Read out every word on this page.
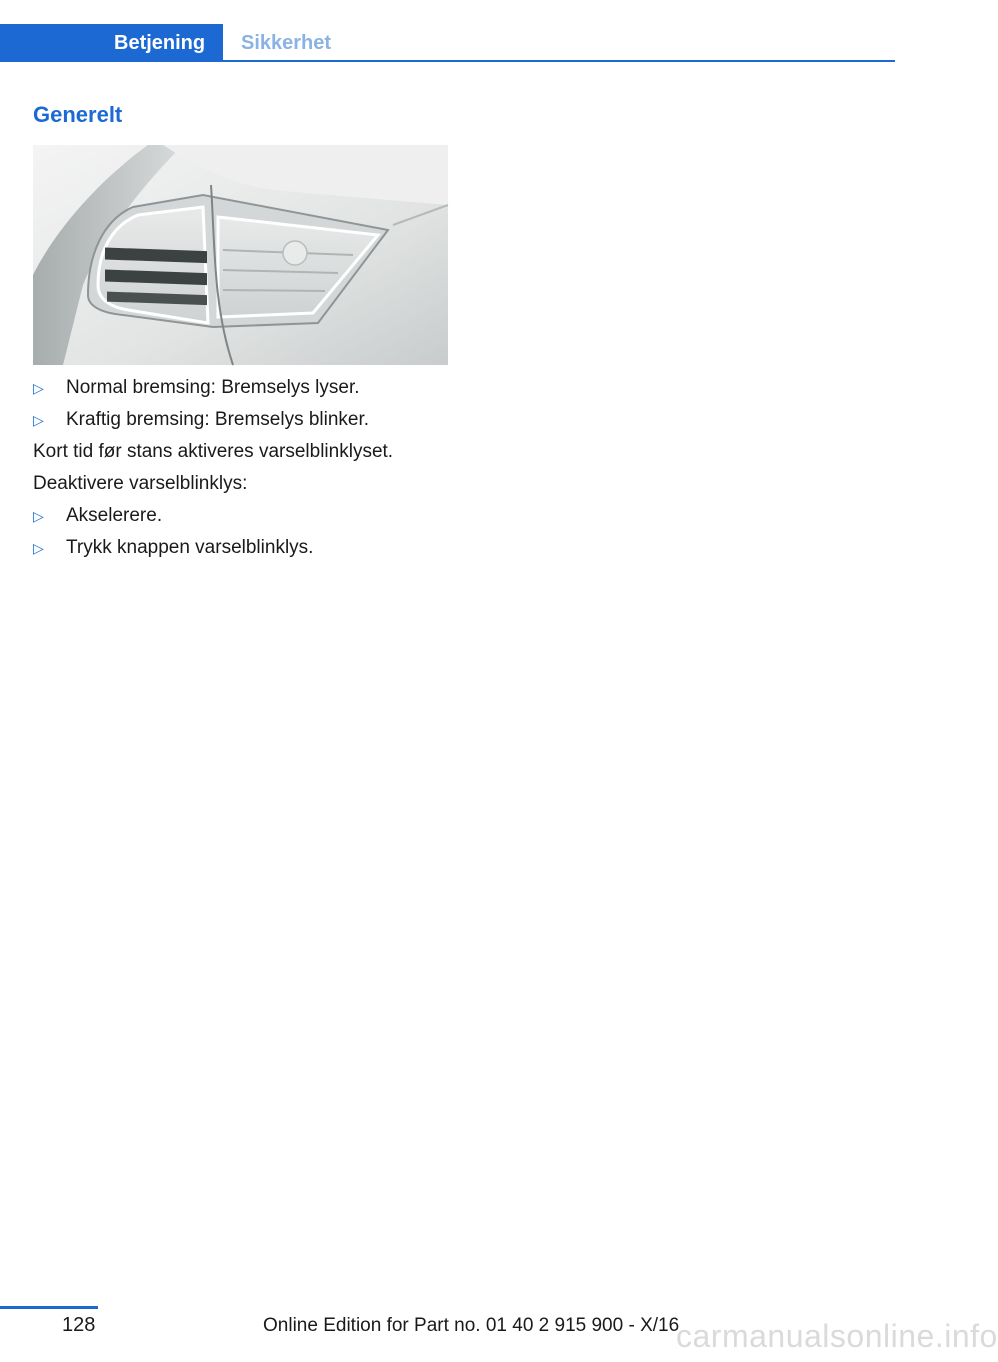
Betjening	Sikkerhet
Generelt
▷ Normal bremsing: Bremselys lyser.
▷ Kraftig bremsing: Bremselys blinker.
Kort tid før stans aktiveres varselblinklyset.
Deaktivere varselblinklys:
▷ Akselerere.
▷ Trykk knappen varselblinklys.
128	Online Edition for Part no. 01 40 2 915 900 - X/16
carmanualsonline.info
